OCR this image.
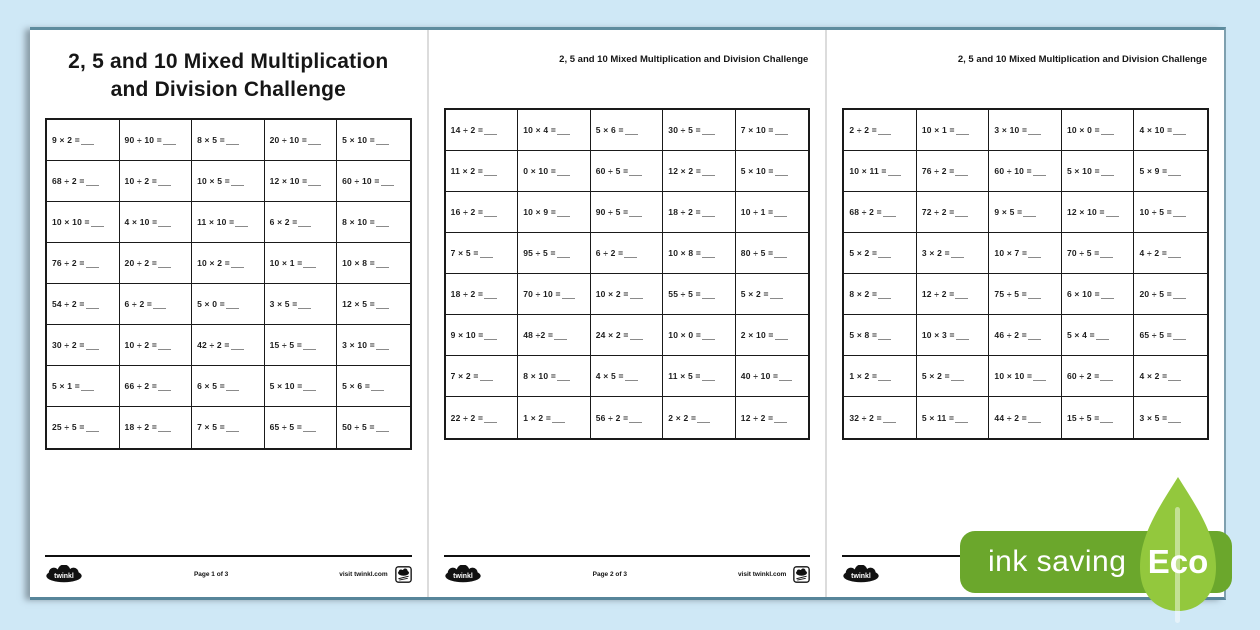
2, 5 and 10 Mixed Multiplication and Division Challenge
9 × 2 =	90 ÷ 10 =	8 × 5 =	20 ÷ 10 =	5 × 10 =
68 ÷ 2 =	10 ÷ 2 =	10 × 5 =	12 × 10 =	60 ÷ 10 =
10 × 10 =	4 × 10 =	11 × 10 =	6 × 2 =	8 × 10 =
76 ÷ 2 =	20 ÷ 2 =	10 × 2 =	10 × 1 =	10 × 8 =
54 ÷ 2 =	6 ÷ 2 =	5 × 0 =	3 × 5 =	12 × 5 =
30 ÷ 2 =	10 ÷ 2 =	42 ÷ 2 =	15 ÷ 5 =	3 × 10 =
5 × 1 =	66 ÷ 2 =	6 × 5 =	5 × 10 =	5 × 6 =
25 ÷ 5 =	18 ÷ 2 =	7 × 5 =	65 ÷ 5 =	50 ÷ 5 =
twinkl	Page 1 of 3	visit twinkl.com
2, 5 and 10 Mixed Multiplication and Division Challenge
14 ÷ 2 =	10 × 4 =	5 × 6 =	30 ÷ 5 =	7 × 10 =
11 × 2 =	0 × 10 =	60 ÷ 5 =	12 × 2 =	5 × 10 =
16 ÷ 2 =	10 × 9 =	90 ÷ 5 =	18 ÷ 2 =	10 ÷ 1 =
7 × 5 =	95 ÷ 5 =	6 ÷ 2 =	10 × 8 =	80 ÷ 5 =
18 ÷ 2 =	70 ÷ 10 =	10 × 2 =	55 ÷ 5 =	5 × 2 =
9 × 10 =	48 ÷2 =	24 × 2 =	10 × 0 =	2 × 10 =
7 × 2 =	8 × 10 =	4 × 5 =	11 × 5 =	40 ÷ 10 =
22 ÷ 2 =	1 × 2 =	56 ÷ 2 =	2 × 2 =	12 ÷ 2 =
twinkl	Page 2 of 3	visit twinkl.com
2, 5 and 10 Mixed Multiplication and Division Challenge
2 ÷ 2 =	10 × 1 =	3 × 10 =	10 × 0 =	4 × 10 =
10 × 11 =	76 ÷ 2 =	60 ÷ 10 =	5 × 10 =	5 × 9 =
68 ÷ 2 =	72 ÷ 2 =	9 × 5 =	12 × 10 =	10 ÷ 5 =
5 × 2 =	3 × 2 =	10 × 7 =	70 ÷ 5 =	4 ÷ 2 =
8 × 2 =	12 ÷ 2 =	75 ÷ 5 =	6 × 10 =	20 ÷ 5 =
5 × 8 =	10 × 3 =	46 ÷ 2 =	5 × 4 =	65 ÷ 5 =
1 × 2 =	5 × 2 =	10 × 10 =	60 ÷ 2 =	4 × 2 =
32 ÷ 2 =	5 × 11 =	44 ÷ 2 =	15 ÷ 5 =	3 × 5 =
twinkl	ink saving Eco
